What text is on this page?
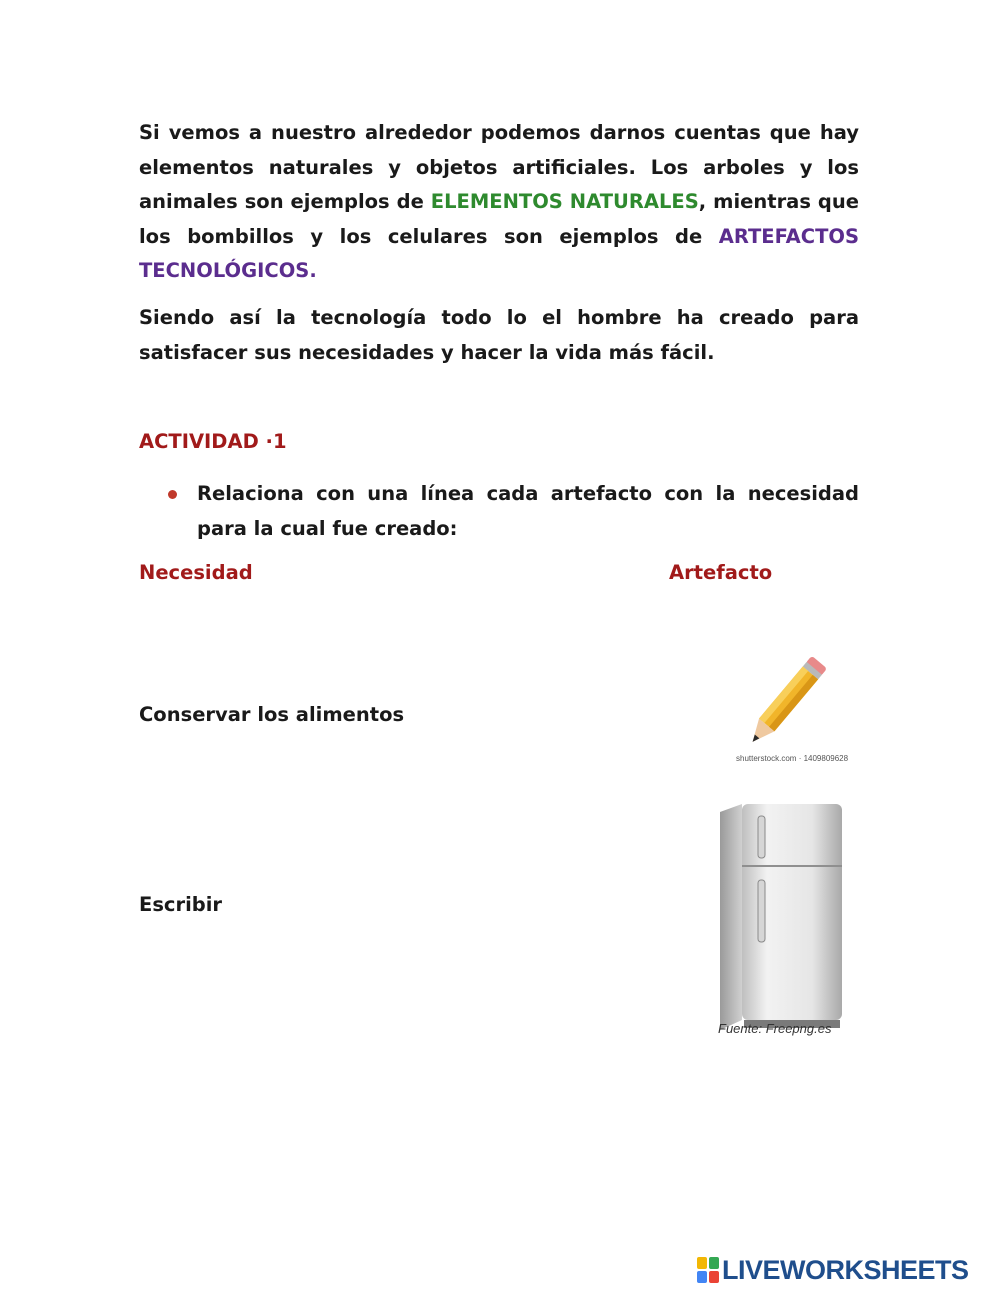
Si vemos a nuestro alrededor podemos darnos cuentas que hay elementos naturales y objetos artificiales. Los arboles y los animales son ejemplos de ELEMENTOS NATURALES, mientras que los bombillos y los celulares son ejemplos de ARTEFACTOS TECNOLÓGICOS.
Siendo así la tecnología todo lo el hombre ha creado para satisfacer sus necesidades y hacer la vida más fácil.
ACTIVIDAD ·1
Relaciona con una línea cada artefacto con la necesidad para la cual fue creado:
Necesidad	Artefacto
Conservar los alimentos
Escribir
shutterstock.com · 1409809628
Fuente: Freepng.es
LIVEWORKSHEETS
